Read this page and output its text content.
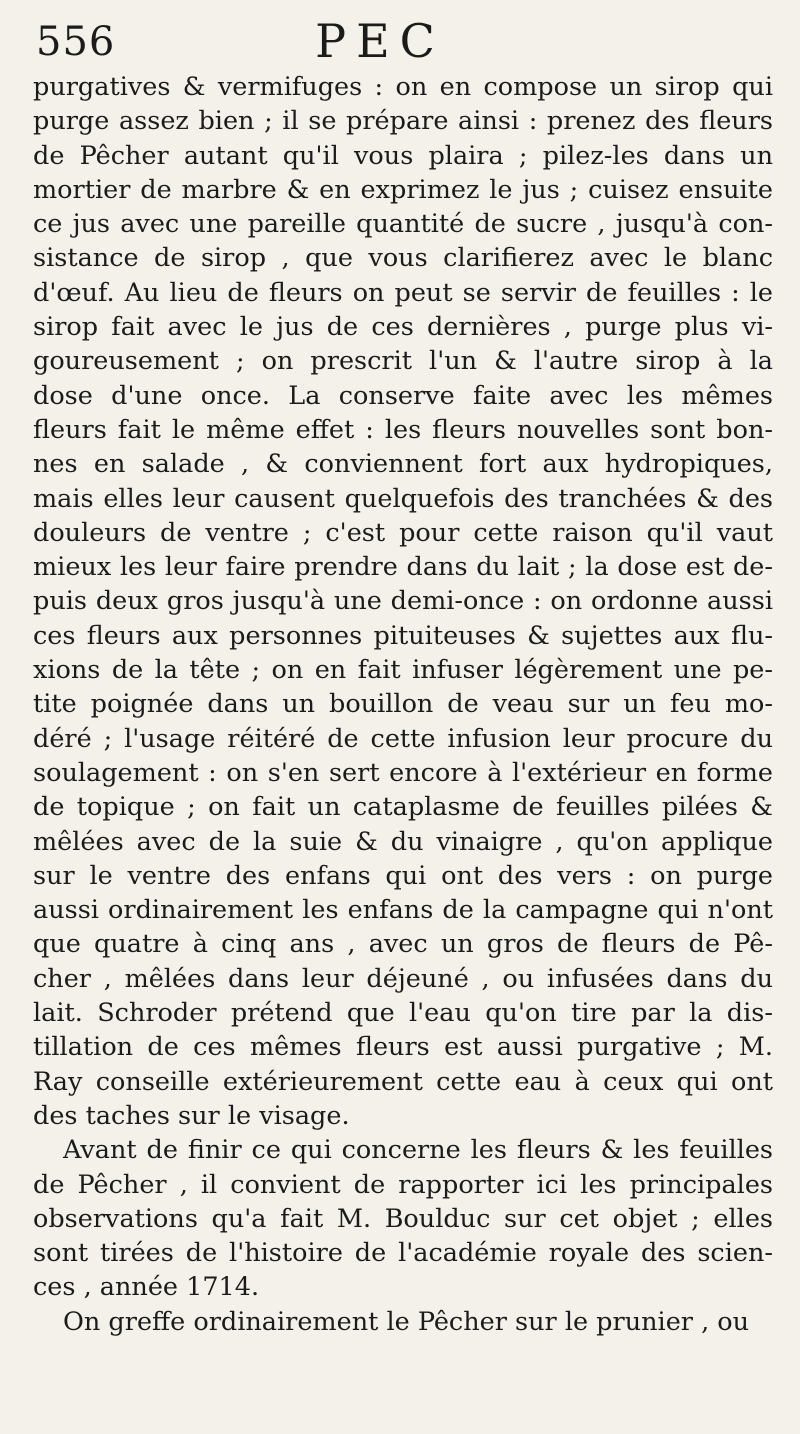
556	PEC
purgatives & vermifuges : on en compose un sirop qui
purge assez bien ; il se prépare ainsi : prenez des fleurs
de Pêcher autant qu'il vous plaira ; pilez-les dans un
mortier de marbre & en exprimez le jus ; cuisez ensuite
ce jus avec une pareille quantité de sucre , jusqu'à con-
sistance de sirop , que vous clarifierez avec le blanc
d'œuf. Au lieu de fleurs on peut se servir de feuilles : le
sirop fait avec le jus de ces dernières , purge plus vi-
goureusement ; on prescrit l'un & l'autre sirop à la
dose d'une once. La conserve faite avec les mêmes
fleurs fait le même effet : les fleurs nouvelles sont bon-
nes en salade , & conviennent fort aux hydropiques,
mais elles leur causent quelquefois des tranchées & des
douleurs de ventre ; c'est pour cette raison qu'il vaut
mieux les leur faire prendre dans du lait ; la dose est de-
puis deux gros jusqu'à une demi-once : on ordonne aussi
ces fleurs aux personnes pituiteuses & sujettes aux flu-
xions de la tête ; on en fait infuser légèrement une pe-
tite poignée dans un bouillon de veau sur un feu mo-
déré ; l'usage réitéré de cette infusion leur procure du
soulagement : on s'en sert encore à l'extérieur en forme
de topique ; on fait un cataplasme de feuilles pilées &
mêlées avec de la suie & du vinaigre , qu'on applique
sur le ventre des enfans qui ont des vers : on purge
aussi ordinairement les enfans de la campagne qui n'ont
que quatre à cinq ans , avec un gros de fleurs de Pê-
cher , mêlées dans leur déjeuné , ou infusées dans du
lait. Schroder prétend que l'eau qu'on tire par la dis-
tillation de ces mêmes fleurs est aussi purgative ; M.
Ray conseille extérieurement cette eau à ceux qui ont
des taches sur le visage.
Avant de finir ce qui concerne les fleurs & les feuilles
de Pêcher , il convient de rapporter ici les principales
observations qu'a fait M. Boulduc sur cet objet ; elles
sont tirées de l'histoire de l'académie royale des scien-
ces , année 1714.
On greffe ordinairement le Pêcher sur le prunier , ou
